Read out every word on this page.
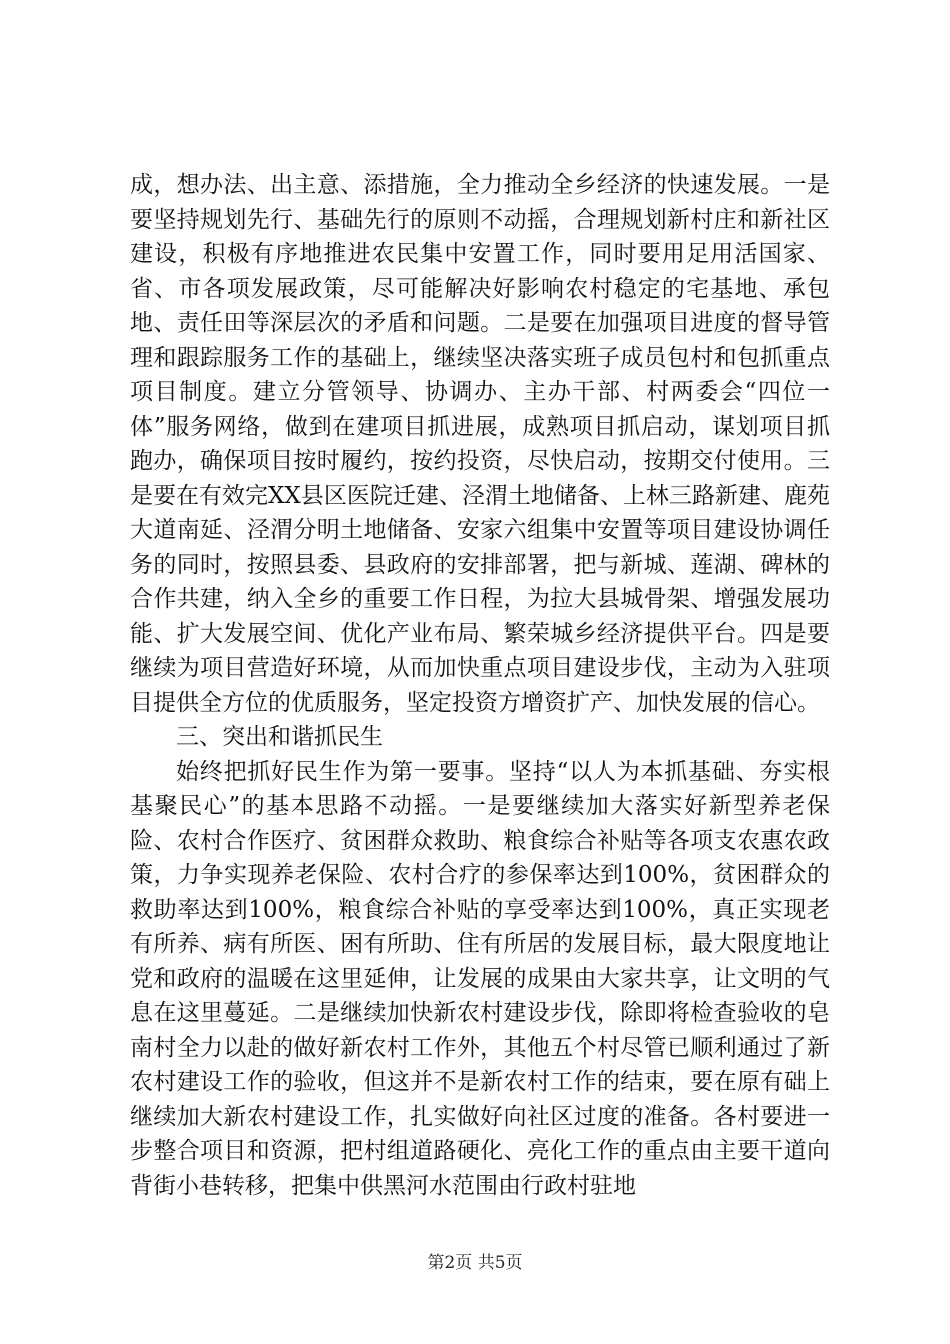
成，想办法、出主意、添措施，全力推动全乡经济的快速发展。一是要坚持规划先行、基础先行的原则不动摇，合理规划新村庄和新社区建设，积极有序地推进农民集中安置工作，同时要用足用活国家、省、市各项发展政策，尽可能解决好影响农村稳定的宅基地、承包地、责任田等深层次的矛盾和问题。二是要在加强项目进度的督导管理和跟踪服务工作的基础上，继续坚决落实班子成员包村和包抓重点项目制度。建立分管领导、协调办、主办干部、村两委会“四位一体”服务网络，做到在建项目抓进展，成熟项目抓启动，谋划项目抓跑办，确保项目按时履约，按约投资，尽快启动，按期交付使用。三是要在有效完XX县区医院迁建、泾渭土地储备、上林三路新建、鹿苑大道南延、泾渭分明土地储备、安家六组集中安置等项目建设协调任务的同时，按照县委、县政府的安排部署，把与新城、莲湖、碑林的合作共建，纳入全乡的重要工作日程，为拉大县城骨架、增强发展功能、扩大发展空间、优化产业布局、繁荣城乡经济提供平台。四是要继续为项目营造好环境，从而加快重点项目建设步伐，主动为入驻项目提供全方位的优质服务，坚定投资方增资扩产、加快发展的信心。

三、突出和谐抓民生

始终把抓好民生作为第一要事。坚持“以人为本抓基础、夯实根基聚民心”的基本思路不动摇。一是要继续加大落实好新型养老保险、农村合作医疗、贫困群众救助、粮食综合补贴等各项支农惠农政策，力争实现养老保险、农村合疗的参保率达到100%，贫困群众的救助率达到100%，粮食综合补贴的享受率达到100%，真正实现老有所养、病有所医、困有所助、住有所居的发展目标，最大限度地让党和政府的温暖在这里延伸，让发展的成果由大家共享，让文明的气息在这里蔓延。二是继续加快新农村建设步伐，除即将检查验收的皂南村全力以赴的做好新农村工作外，其他五个村尽管已顺利通过了新农村建设工作的验收，但这并不是新农村工作的结束，要在原有础上继续加大新农村建设工作，扎实做好向社区过度的准备。各村要进一步整合项目和资源，把村组道路硬化、亮化工作的重点由主要干道向背街小巷转移，把集中供黑河水范围由行政村驻地

第2页 共5页
